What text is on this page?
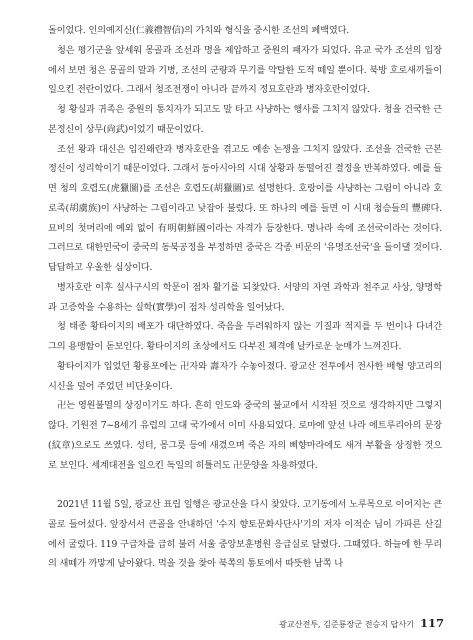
돌이었다. 인의예지신(仁義禮智信)의 가치와 형식을 중시한 조선의 폐백였다.

청은 평기군을 앞세워 몽골과 조선과 명을 제압하고 중원의 패자가 되었다. 유교 국가 조선의 입장에서 보면 청은 몽골의 말과 기병, 조선의 군량과 무기를 약탈한 도적 떼일 뿐이다. 북방 호로새끼들이 일으킨 전란이었다. 그래서 청조전쟁이 아니라 끝까지 정묘호란과 병자호란이었다.

청 황실과 귀족은 중원의 통치자가 되고도 말 타고 사냥하는 행사를 그치지 않았다. 청을 건국한 근본정신이 상무(尙武)이었기 때문이었다.

조선 왕과 대신은 임진왜란과 병자호란을 겪고도 예송 논쟁을 그치지 않았다. 조선을 건국한 근본정신이 성리학이기 때문이었다. 그래서 동아시아의 시대 상황과 동떨어진 결정을 반복하였다. 예를 들면 청의 호렵도(虎獵圖)를 조선은 호렵도(胡獵圖)로 설명한다. 호랑이를 사냥하는 그림이 아니라 호로족(胡虜族)이 사냥하는 그림이라고 낮잡아 불렀다. 또 하나의 예를 들면 이 시대 청승들의 豐碑다. 묘비의 첫머리에 예외 없이 有明朝鮮國이라는 자격가 등장한다. 명나라 속에 조선국이라는 것이다. 그러므로 대한민국이 중국의 동북공정을 부정하면 중국은 각종 비문의 '유명조선국'을 들이댈 것이다. 답답하고 우울한 심상이다.

병자호란 이후 실사구시의 학문이 점차 활기를 되찾았다. 서양의 자연 과학과 천주교 사상, 양명학과 고증학을 수용하는 실학(實學)이 점차 성리학을 일어났다.

청 태종 황타이지의 배포가 대단하였다. 죽음을 두려워하지 않는 기질과 적지를 두 번이나 다녀간 그의 용맹함이 돋보인다. 황타이지의 초상에서도 다부진 체격에 날카로운 눈매가 느껴진다.

황타이지가 입었던 황룡포에는 卍자와 壽자가 수놓아졌다. 광교산 전투에서 전사한 배형 양고리의 시신을 덮어 주었던 비단옷이다.

卍는 영원불멸의 상징이기도 하다. 흔히 인도와 중국의 불교에서 시작된 것으로 생각하지만 그렇지 않다. 기원전 7~8세기 유럽의 고대 국가에서 이미 사용되었다. 로마에 앞선 나라 에트루리아의 문장(紋章)으로도 쓰였다. 성터, 몽그릇 등에 새겼으며 죽은 자의 삐향마라에도 새겨 부활을 상징한 것으로 보인다. 세계대전을 일으킨 독일의 히틀러도 卍문양을 차용하였다.

2021년 11월 5일, 광교산 표립 일행은 광교산을 다시 찾았다. 고기동에서 노루목으로 이어지는 큰골로 들어섰다. 앞장서서 큰골을 안내하던 '수지 향토문화사단사'기의 저자 이적순 님이 가파른 산길에서 굴렀다. 119 구급차를 급히 불러 서울 중앙보훈병원 응급실로 달렸다. 그때였다. 하늘에 한 무리의 새떼가 까맣게 날아왔다. 먹을 것을 찾아 북쪽의 통토에서 따뜻한 남쪽 나

광교산전투, 김준룡장군 전승지 답사기 117
